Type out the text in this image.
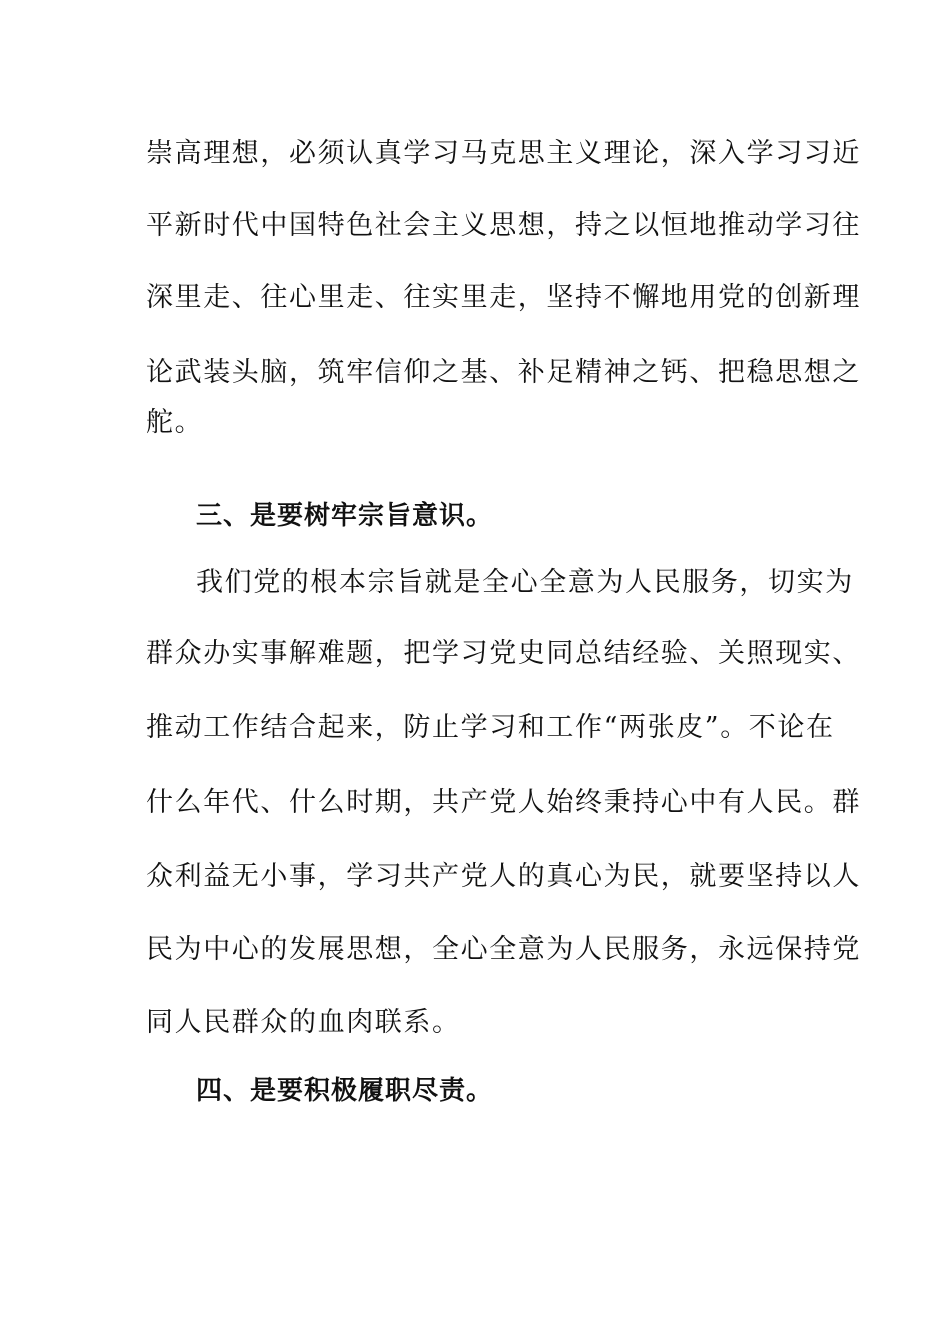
崇高理想，必须认真学习马克思主义理论，深入学习习近
平新时代中国特色社会主义思想，持之以恒地推动学习往
深里走、往心里走、往实里走，坚持不懈地用党的创新理
论武装头脑，筑牢信仰之基、补足精神之钙、把稳思想之
舵。
三、是要树牢宗旨意识。
我们党的根本宗旨就是全心全意为人民服务，切实为
群众办实事解难题，把学习党史同总结经验、关照现实、
推动工作结合起来，防止学习和工作“两张皮”。不论在
什么年代、什么时期，共产党人始终秉持心中有人民。群
众利益无小事，学习共产党人的真心为民，就要坚持以人
民为中心的发展思想，全心全意为人民服务，永远保持党
同人民群众的血肉联系。
四、是要积极履职尽责。
